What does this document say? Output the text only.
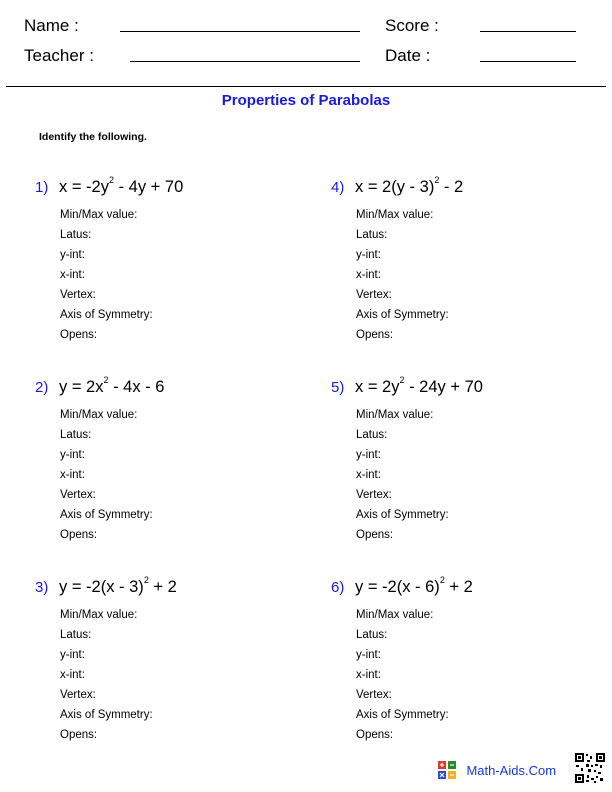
Name :	Score :
Teacher :	Date :
Properties of Parabolas
Identify the following.
1) $x = -2y^2 - 4y + 70$
Min/Max value:
Latus:
y-int:
x-int:
Vertex:
Axis of Symmetry:
Opens:
2) $y = 2x^2 - 4x - 6$
Min/Max value:
Latus:
y-int:
x-int:
Vertex:
Axis of Symmetry:
Opens:
3) y = -2(x - 3)$^2$ + 2
Min/Max value:
Latus:
y-int:
x-int:
Vertex:
Axis of Symmetry:
Opens:
4) x = 2(y - 3)$^2$ - 2
Min/Max value:
Latus:
y-int:
x-int:
Vertex:
Axis of Symmetry:
Opens:
5) $x = 2y^2 - 24y + 70$
Min/Max value:
Latus:
y-int:
x-int:
Vertex:
Axis of Symmetry:
Opens:
6) y = -2(x - 6)$^2$ + 2
Min/Max value:
Latus:
y-int:
x-int:
Vertex:
Axis of Symmetry:
Opens:
Math-Aids.Com
